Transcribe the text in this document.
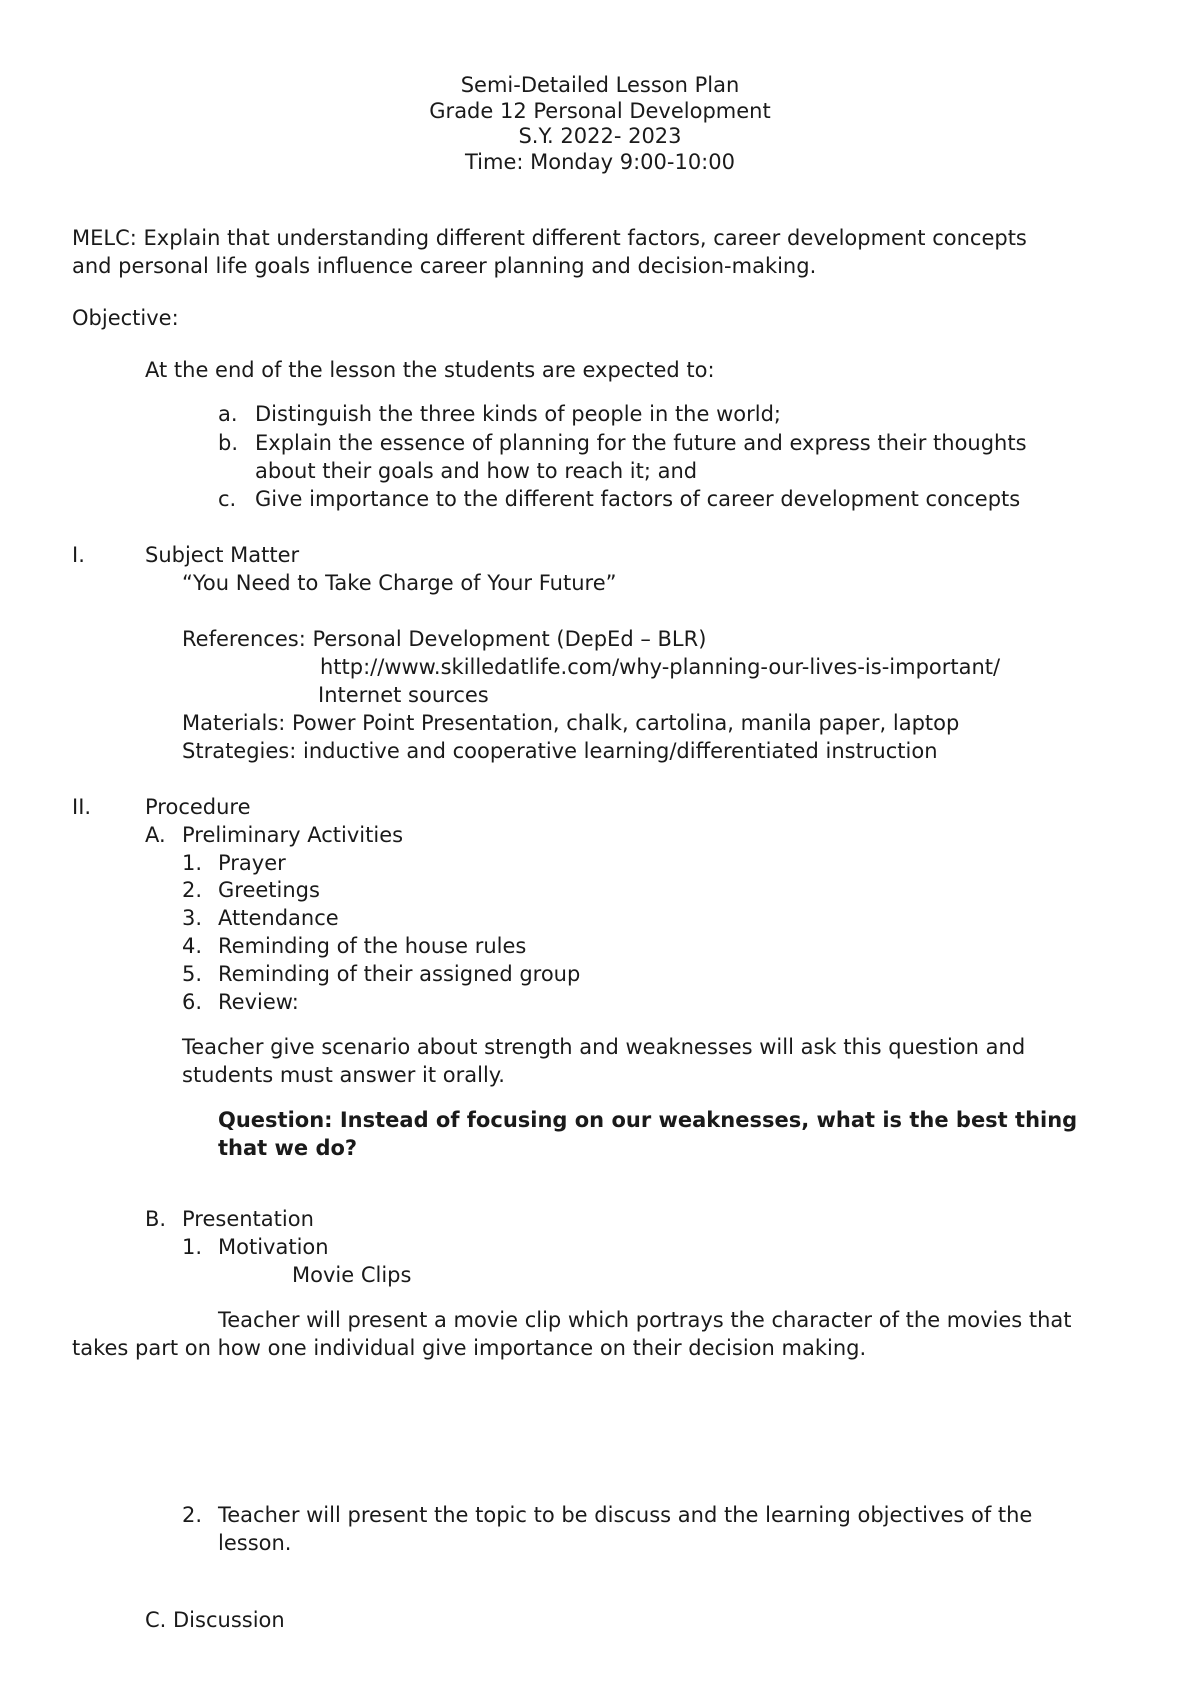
Semi-Detailed Lesson Plan
Grade 12 Personal Development
S.Y. 2022- 2023
Time: Monday 9:00-10:00
MELC: Explain that understanding different different factors, career development concepts
and personal life goals influence career planning and decision-making.
Objective:
At the end of the lesson the students are expected to:
a. Distinguish the three kinds of people in the world;
b. Explain the essence of planning for the future and express their thoughts
about their goals and how to reach it; and
c. Give importance to the different factors of career development concepts
I.	Subject Matter
“You Need to Take Charge of Your Future”
References: Personal Development (DepEd – BLR)
http://www.skilledatlife.com/why-planning-our-lives-is-important/
Internet sources
Materials: Power Point Presentation, chalk, cartolina, manila paper, laptop
Strategies: inductive and cooperative learning/differentiated instruction
II.	Procedure
A. Preliminary Activities
1. Prayer
2. Greetings
3. Attendance
4. Reminding of the house rules
5. Reminding of their assigned group
6. Review:
Teacher give scenario about strength and weaknesses will ask this question and
students must answer it orally.
Question: Instead of focusing on our weaknesses, what is the best thing
that we do?
B. Presentation
1. Motivation
Movie Clips
Teacher will present a movie clip which portrays the character of the movies that
takes part on how one individual give importance on their decision making.
2. Teacher will present the topic to be discuss and the learning objectives of the
lesson.
C. Discussion
